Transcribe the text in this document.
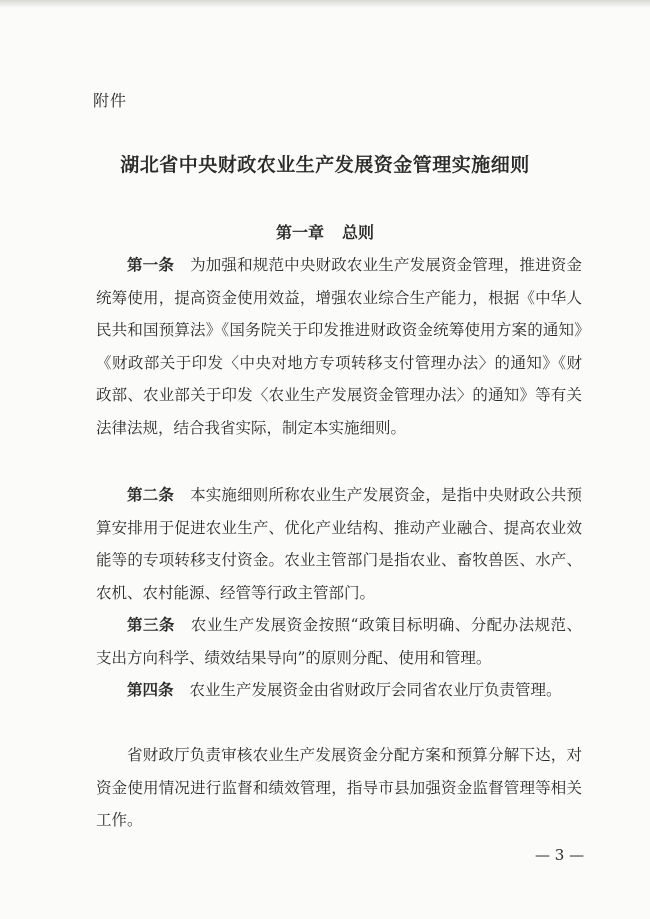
附件
湖北省中央财政农业生产发展资金管理实施细则
第一章 总则
第一条 为加强和规范中央财政农业生产发展资金管理，推进资金统筹使用，提高资金使用效益，增强农业综合生产能力，根据《中华人民共和国预算法》《国务院关于印发推进财政资金统筹使用方案的通知》《财政部关于印发〈中央对地方专项转移支付管理办法〉的通知》《财政部、农业部关于印发〈农业生产发展资金管理办法〉的通知》等有关法律法规，结合我省实际，制定本实施细则。
第二条 本实施细则所称农业生产发展资金，是指中央财政公共预算安排用于促进农业生产、优化产业结构、推动产业融合、提高农业效能等的专项转移支付资金。农业主管部门是指农业、畜牧兽医、水产、农机、农村能源、经管等行政主管部门。
第三条 农业生产发展资金按照“政策目标明确、分配办法规范、支出方向科学、绩效结果导向”的原则分配、使用和管理。
第四条 农业生产发展资金由省财政厅会同省农业厅负责管理。
省财政厅负责审核农业生产发展资金分配方案和预算分解下达，对资金使用情况进行监督和绩效管理，指导市县加强资金监督管理等相关工作。
— 3 —
